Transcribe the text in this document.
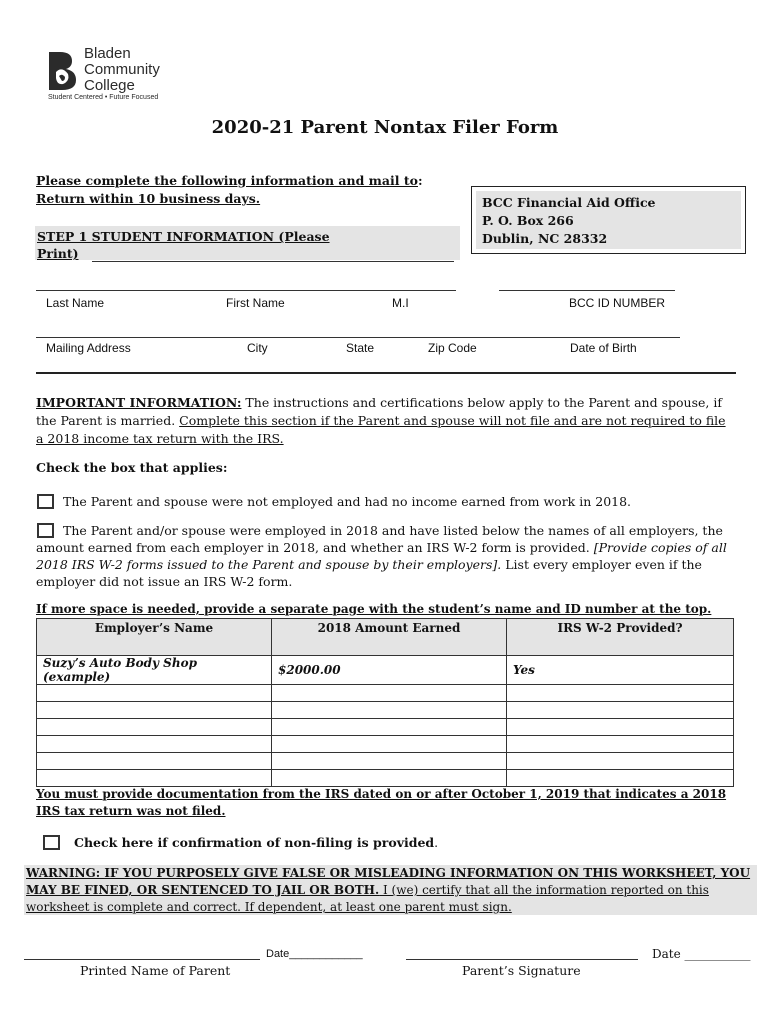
Bladen
Community
College
Student Centered • Future Focused
2020-21 Parent Nontax Filer Form
Please complete the following information and mail to:
Return within 10 business days.	BCC Financial Aid Office
P. O. Box 266
Dublin, NC 28332
STEP 1 STUDENT INFORMATION (Please
Print)
Last Name	First Name	M.I	BCC ID NUMBER
Mailing Address	City	State	Zip Code	Date of Birth
IMPORTANT INFORMATION: The instructions and certifications below apply to the Parent and spouse, if the Parent is married. Complete this section if the Parent and spouse will not file and are not required to file a 2018 income tax return with the IRS.
Check the box that applies:
The Parent and spouse were not employed and had no income earned from work in 2018.
The Parent and/or spouse were employed in 2018 and have listed below the names of all employers, the amount earned from each employer in 2018, and whether an IRS W-2 form is provided. [Provide copies of all 2018 IRS W-2 forms issued to the Parent and spouse by their employers]. List every employer even if the employer did not issue an IRS W-2 form.
If more space is needed, provide a separate page with the student’s name and ID number at the top.
Employer’s Name	2018 Amount Earned	IRS W-2 Provided?
Suzy’s Auto Body Shop (example)	$2000.00	Yes

You must provide documentation from the IRS dated on or after October 1, 2019 that indicates a 2018 IRS tax return was not filed.
Check here if confirmation of non-filing is provided.
WARNING: IF YOU PURPOSELY GIVE FALSE OR MISLEADING INFORMATION ON THIS WORKSHEET, YOU MAY BE FINED, OR SENTENCED TO JAIL OR BOTH. I (we) certify that all the information reported on this worksheet is complete and correct. If dependent, at least one parent must sign.
Date____________
Printed Name of Parent
Date ___________
Parent’s Signature
